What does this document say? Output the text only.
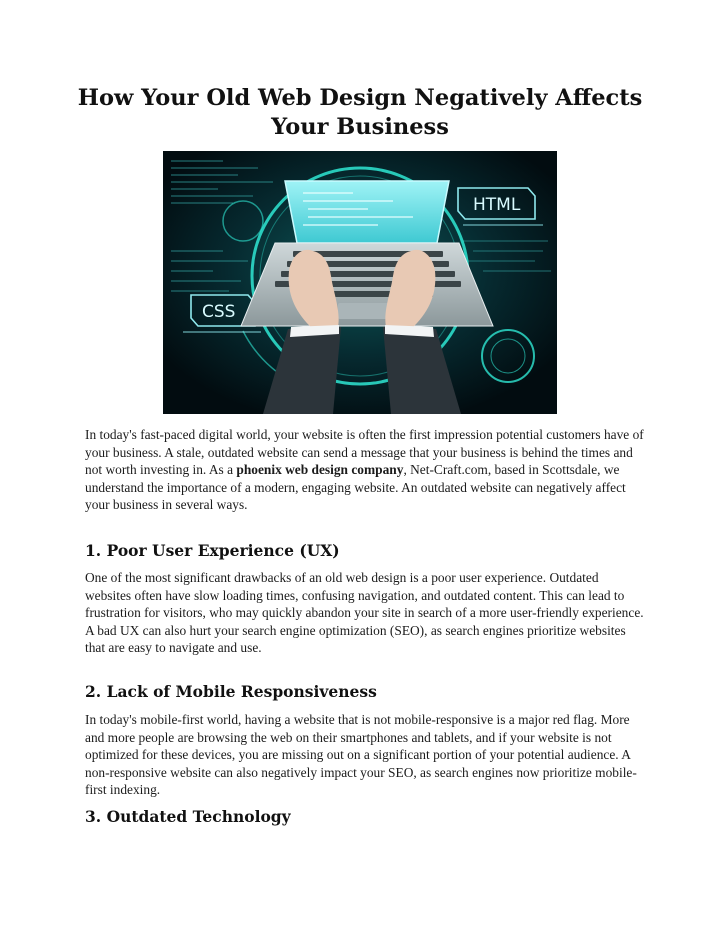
How Your Old Web Design Negatively Affects Your Business
HTML
CSS

In today's fast-paced digital world, your website is often the first impression potential customers have of your business. A stale, outdated website can send a message that your business is behind the times and not worth investing in. As a phoenix web design company, Net-Craft.com, based in Scottsdale, we understand the importance of a modern, engaging website. An outdated website can negatively affect your business in several ways.

1. Poor User Experience (UX)

One of the most significant drawbacks of an old web design is a poor user experience. Outdated websites often have slow loading times, confusing navigation, and outdated content. This can lead to frustration for visitors, who may quickly abandon your site in search of a more user-friendly experience. A bad UX can also hurt your search engine optimization (SEO), as search engines prioritize websites that are easy to navigate and use.

2. Lack of Mobile Responsiveness

In today's mobile-first world, having a website that is not mobile-responsive is a major red flag. More and more people are browsing the web on their smartphones and tablets, and if your website is not optimized for these devices, you are missing out on a significant portion of your potential audience. A non-responsive website can also negatively impact your SEO, as search engines now prioritize mobile-first indexing.

3. Outdated Technology
